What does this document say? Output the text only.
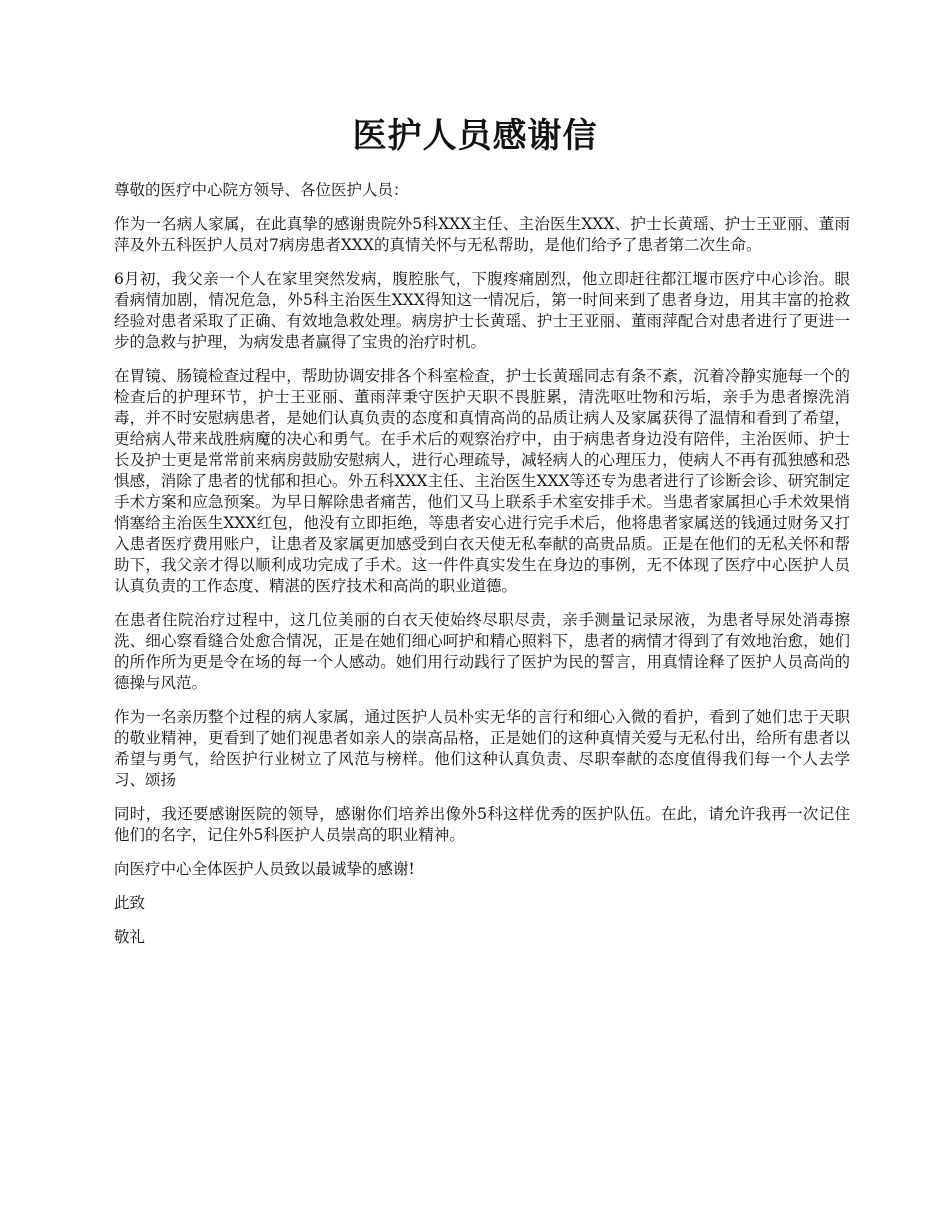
医护人员感谢信

尊敬的医疗中心院方领导、各位医护人员：

作为一名病人家属，在此真挚的感谢贵院外5科XXX主任、主治医生XXX、护士长黄瑶、护士王亚丽、董雨萍及外五科医护人员对7病房患者XXX的真情关怀与无私帮助，是他们给予了患者第二次生命。

6月初，我父亲一个人在家里突然发病，腹腔胀气，下腹疼痛剧烈，他立即赶往都江堰市医疗中心诊治。眼看病情加剧，情况危急，外5科主治医生XXX得知这一情况后，第一时间来到了患者身边，用其丰富的抢救经验对患者采取了正确、有效地急救处理。病房护士长黄瑶、护士王亚丽、董雨萍配合对患者进行了更进一步的急救与护理，为病发患者赢得了宝贵的治疗时机。

在胃镜、肠镜检查过程中，帮助协调安排各个科室检查，护士长黄瑶同志有条不紊，沉着冷静实施每一个的检查后的护理环节，护士王亚丽、董雨萍秉守医护天职不畏脏累，清洗呕吐物和污垢，亲手为患者擦洗消毒，并不时安慰病患者，是她们认真负责的态度和真情高尚的品质让病人及家属获得了温情和看到了希望，更给病人带来战胜病魔的决心和勇气。在手术后的观察治疗中，由于病患者身边没有陪伴，主治医师、护士长及护士更是常常前来病房鼓励安慰病人，进行心理疏导，减轻病人的心理压力，使病人不再有孤独感和恐惧感，消除了患者的忧郁和担心。外五科XXX主任、主治医生XXX等还专为患者进行了诊断会诊、研究制定手术方案和应急预案。为早日解除患者痛苦，他们又马上联系手术室安排手术。当患者家属担心手术效果悄悄塞给主治医生XXX红包，他没有立即拒绝，等患者安心进行完手术后，他将患者家属送的钱通过财务又打入患者医疗费用账户，让患者及家属更加感受到白衣天使无私奉献的高贵品质。正是在他们的无私关怀和帮助下，我父亲才得以顺利成功完成了手术。这一件件真实发生在身边的事例，无不体现了医疗中心医护人员认真负责的工作态度、精湛的医疗技术和高尚的职业道德。

在患者住院治疗过程中，这几位美丽的白衣天使始终尽职尽责，亲手测量记录尿液，为患者导尿处消毒擦洗、细心察看缝合处愈合情况，正是在她们细心呵护和精心照料下，患者的病情才得到了有效地治愈，她们的所作所为更是令在场的每一个人感动。她们用行动践行了医护为民的誓言，用真情诠释了医护人员高尚的德操与风范。

作为一名亲历整个过程的病人家属，通过医护人员朴实无华的言行和细心入微的看护，看到了她们忠于天职的敬业精神，更看到了她们视患者如亲人的崇高品格，正是她们的这种真情关爱与无私付出，给所有患者以希望与勇气，给医护行业树立了风范与榜样。他们这种认真负责、尽职奉献的态度值得我们每一个人去学习、颂扬

同时，我还要感谢医院的领导，感谢你们培养出像外5科这样优秀的医护队伍。在此，请允许我再一次记住他们的名字，记住外5科医护人员崇高的职业精神。

向医疗中心全体医护人员致以最诚挚的感谢!

此致

敬礼
